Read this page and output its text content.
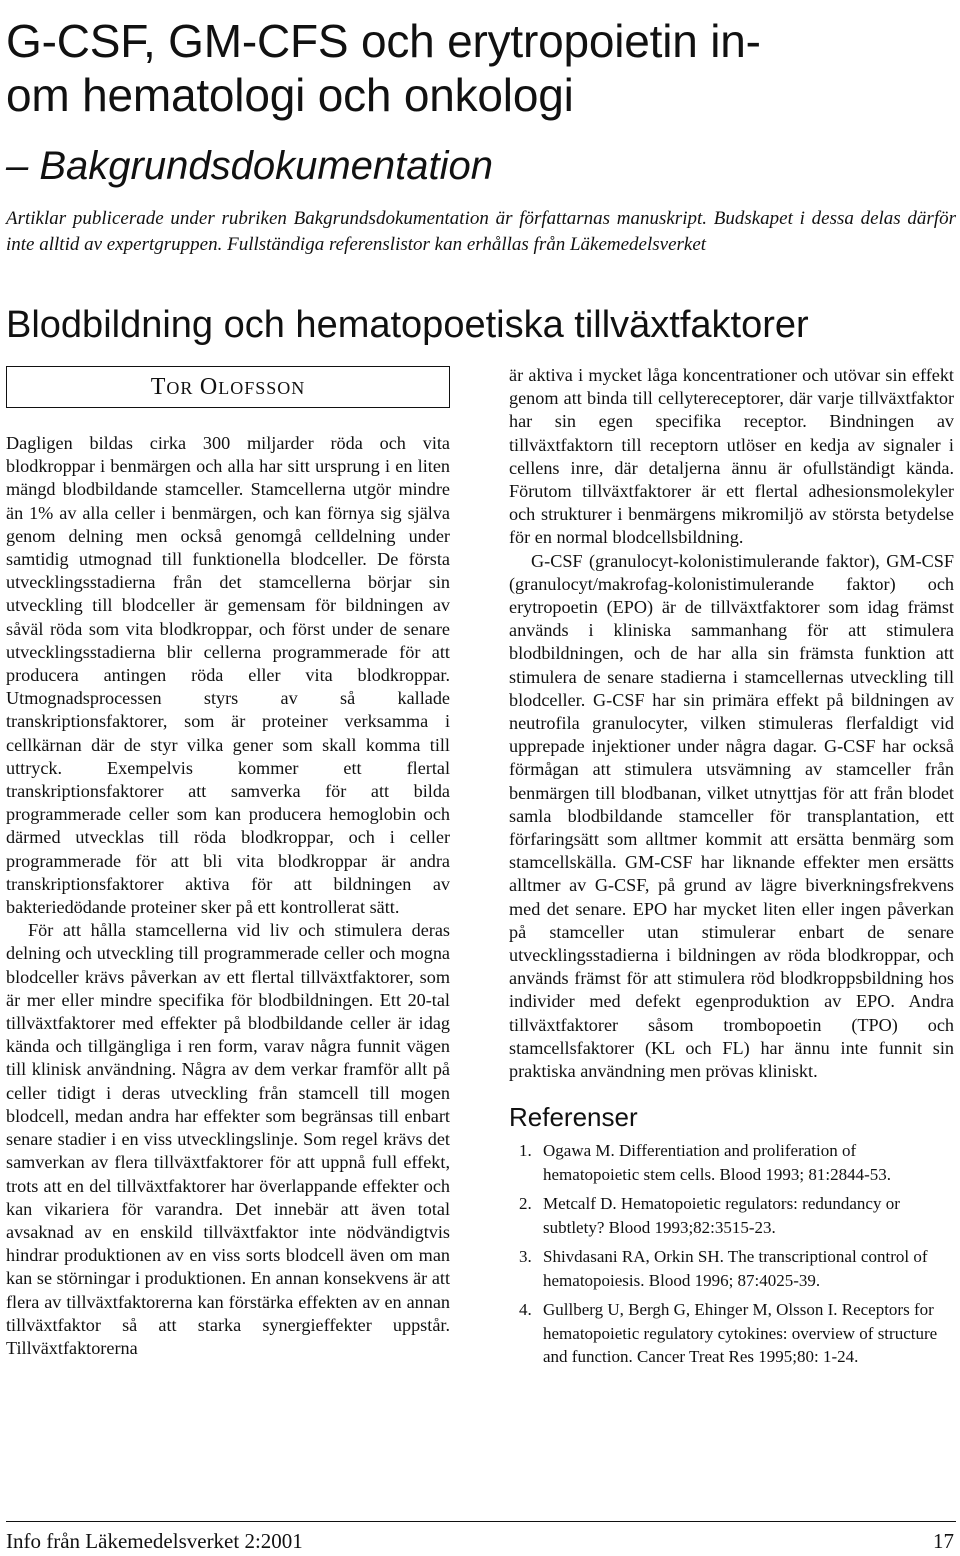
G-CSF, GM-CFS och erytropoietin in-
om hematologi och onkologi
– Bakgrundsdokumentation

Artiklar publicerade under rubriken Bakgrundsdokumentation är författarnas manuskript. Budskapet i dessa delas därför inte alltid av expertgruppen. Fullständiga referenslistor kan erhållas från Läkemedelsverket

Blodbildning och hematopoetiska tillväxtfaktorer
TOR OLOFSSON

Dagligen bildas cirka 300 miljarder röda och vita blodkroppar i benmärgen och alla har sitt ursprung i en liten mängd blodbildande stamceller. Stamcellerna utgör mindre än 1% av alla celler i benmärgen, och kan förnya sig själva genom delning men också genomgå celldelning under samtidig utmognad till funktionella blodceller. De första utvecklingsstadierna från det stamcellerna börjar sin utveckling till blodceller är gemensam för bildningen av såväl röda som vita blodkroppar, och först under de senare utvecklingsstadierna blir cellerna programmerade för att producera antingen röda eller vita blodkroppar. Utmognadsprocessen styrs av så kallade transkriptionsfaktorer, som är proteiner verksamma i cellkärnan där de styr vilka gener som skall komma till uttryck. Exempelvis kommer ett flertal transkriptionsfaktorer att samverka för att bilda programmerade celler som kan producera hemoglobin och därmed utvecklas till röda blodkroppar, och i celler programmerade för att bli vita blodkroppar är andra transkriptionsfaktorer aktiva för att bildningen av bakteriedödande proteiner sker på ett kontrollerat sätt.

För att hålla stamcellerna vid liv och stimulera deras delning och utveckling till programmerade celler och mogna blodceller krävs påverkan av ett flertal tillväxtfaktorer, som är mer eller mindre specifika för blodbildningen. Ett 20-tal tillväxtfaktorer med effekter på blodbildande celler är idag kända och tillgängliga i ren form, varav några funnit vägen till klinisk användning. Några av dem verkar framför allt på celler tidigt i deras utveckling från stamcell till mogen blodcell, medan andra har effekter som begränsas till enbart senare stadier i en viss utvecklingslinje. Som regel krävs det samverkan av flera tillväxtfaktorer för att uppnå full effekt, trots att en del tillväxtfaktorer har överlappande effekter och kan vikariera för varandra. Det innebär att även total avsaknad av en enskild tillväxtfaktor inte nödvändigtvis hindrar produktionen av en viss sorts blodcell även om man kan se störningar i produktionen. En annan konsekvens är att flera av tillväxtfaktorerna kan förstärka effekten av en annan tillväxtfaktor så att starka synergieffekter uppstår. Tillväxtfaktorerna

är aktiva i mycket låga koncentrationer och utövar sin effekt genom att binda till cellytereceptorer, där varje tillväxtfaktor har sin egen specifika receptor. Bindningen av tillväxtfaktorn till receptorn utlöser en kedja av signaler i cellens inre, där detaljerna ännu är ofullständigt kända. Förutom tillväxtfaktorer är ett flertal adhesionsmolekyler och strukturer i benmärgens mikromiljö av största betydelse för en normal blodcellsbildning.

G-CSF (granulocyt-kolonistimulerande faktor), GM-CSF (granulocyt/makrofag-kolonistimulerande faktor) och erytropoetin (EPO) är de tillväxtfaktorer som idag främst används i kliniska sammanhang för att stimulera blodbildningen, och de har alla sin främsta funktion att stimulera de senare stadierna i stamcellernas utveckling till blodceller. G-CSF har sin primära effekt på bildningen av neutrofila granulocyter, vilken stimuleras flerfaldigt vid upprepade injektioner under några dagar. G-CSF har också förmågan att stimulera utsvämning av stamceller från benmärgen till blodbanan, vilket utnyttjas för att från blodet samla blodbildande stamceller för transplantation, ett förfaringsätt som alltmer kommit att ersätta benmärg som stamcellskälla. GM-CSF har liknande effekter men ersätts alltmer av G-CSF, på grund av lägre biverkningsfrekvens med det senare. EPO har mycket liten eller ingen påverkan på stamceller utan stimulerar enbart de senare utvecklingsstadierna i bildningen av röda blodkroppar, och används främst för att stimulera röd blodkroppsbildning hos individer med defekt egenproduktion av EPO. Andra tillväxtfaktorer såsom trombopoetin (TPO) och stamcellsfaktorer (KL och FL) har ännu inte funnit sin praktiska användning men prövas kliniskt.

Referenser
1. Ogawa M. Differentiation and proliferation of hematopoietic stem cells. Blood 1993; 81:2844-53.
2. Metcalf D. Hematopoietic regulators: redundancy or subtlety? Blood 1993;82:3515-23.
3. Shivdasani RA, Orkin SH. The transcriptional control of hematopoiesis. Blood 1996; 87:4025-39.
4. Gullberg U, Bergh G, Ehinger M, Olsson I. Receptors for hematopoietic regulatory cytokines: overview of structure and function. Cancer Treat Res 1995;80: 1-24.
Info från Läkemedelsverket 2:2001	17
